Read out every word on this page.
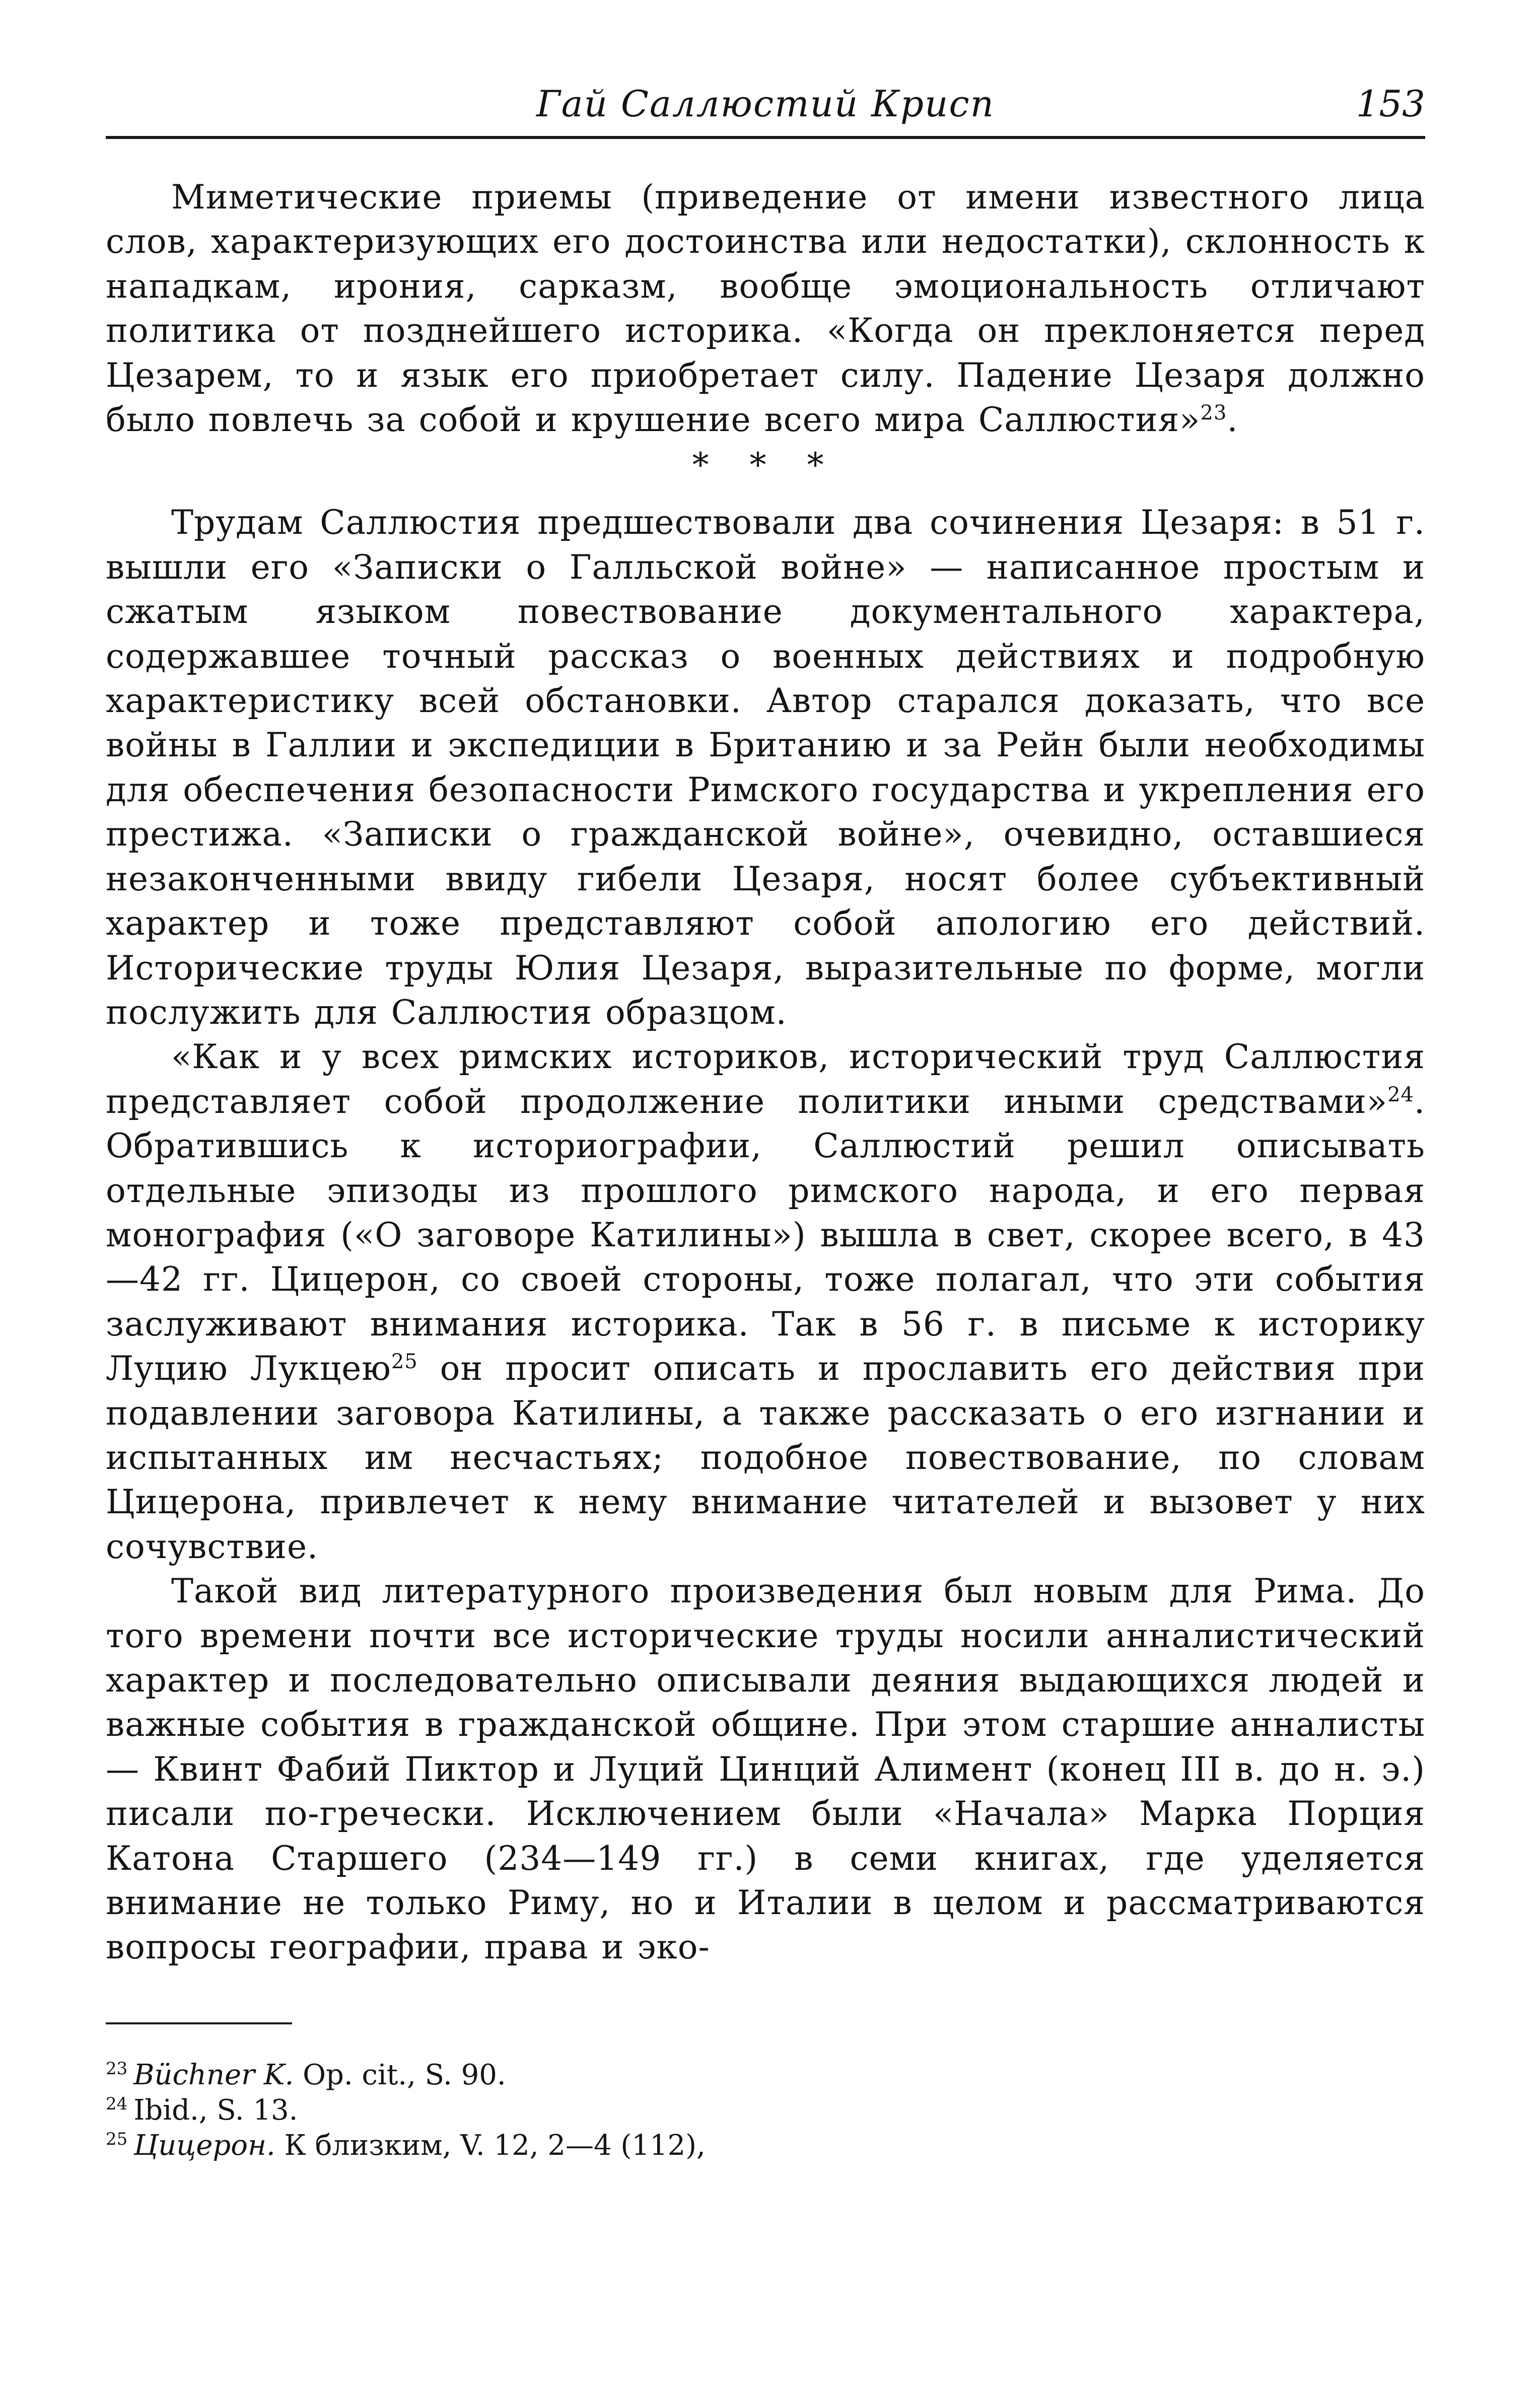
Гай Саллюстий Крисп	153

Миметические приемы (приведение от имени известного лица слов, характеризующих его достоинства или недостатки), склонность к нападкам, ирония, сарказм, вообще эмоциональность отличают политика от позднейшего историка. «Когда он преклоняется перед Цезарем, то и язык его приобретает силу. Падение Цезаря должно было повлечь за собой и крушение всего мира Саллюстия»$^{23}$.

* * *

Трудам Саллюстия предшествовали два сочинения Цезаря: в 51 г. вышли его «Записки о Галльской войне» — написанное простым и сжатым языком повествование документального характера, содержавшее точный рассказ о военных действиях и подробную характеристику всей обстановки. Автор старался доказать, что все войны в Галлии и экспедиции в Британию и за Рейн были необходимы для обеспечения безопасности Римского государства и укрепления его престижа. «Записки о гражданской войне», очевидно, оставшиеся незаконченными ввиду гибели Цезаря, носят более субъективный характер и тоже представляют собой апологию его действий. Исторические труды Юлия Цезаря, выразительные по форме, могли послужить для Саллюстия образцом.

«Как и у всех римских историков, исторический труд Саллюстия представляет собой продолжение политики иными средствами»$^{24}$. Обратившись к историографии, Саллюстий решил описывать отдельные эпизоды из прошлого римского народа, и его первая монография («О заговоре Катилины») вышла в свет, скорее всего, в 43—42 гг. Цицерон, со своей стороны, тоже полагал, что эти события заслуживают внимания историка. Так в 56 г. в письме к историку Луцию Лукцею$^{25}$ он просит описать и прославить его действия при подавлении заговора Катилины, а также рассказать о его изгнании и испытанных им несчастьях; подобное повествование, по словам Цицерона, привлечет к нему внимание читателей и вызовет у них сочувствие.

Такой вид литературного произведения был новым для Рима. До того времени почти все исторические труды носили анналистический характер и последовательно описывали деяния выдающихся людей и важные события в гражданской общине. При этом старшие анналисты — Квинт Фабий Пиктор и Луций Цинций Алимент (конец III в. до н. э.) писали по-гречески. Исключением были «Начала» Марка Порция Катона Старшего (234—149 гг.) в семи книгах, где уделяется внимание не только Риму, но и Италии в целом и рассматриваются вопросы географии, права и эко-

$^{23}$ Büchner K. Op. cit., S. 90.

$^{24}$ Ibid., S. 13.

$^{25}$ Цицерон. К близким, V. 12, 2—4 (112),
